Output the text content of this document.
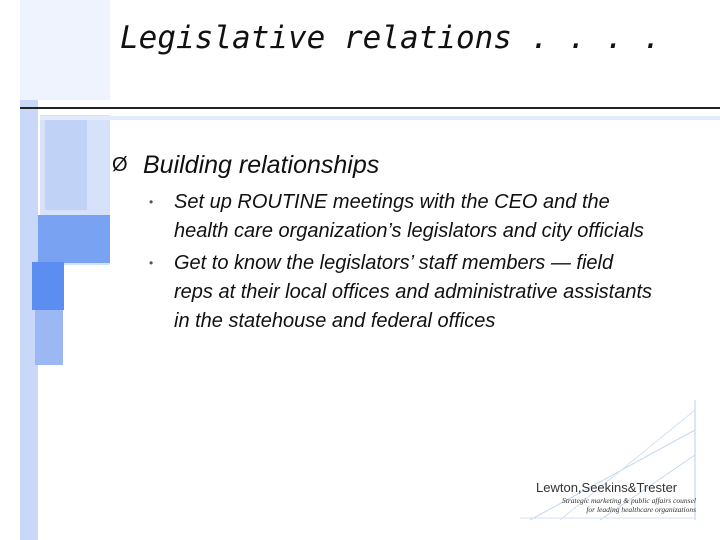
Legislative relations . . . .
Ø Building relationships
• Set up ROUTINE meetings with the CEO and the health care organization’s legislators and city officials
• Get to know the legislators’ staff members — field reps at their local offices and administrative assistants in the statehouse and federal offices
Lewton,Seekins&Trester
Strategic marketing & public affairs counsel
for leading healthcare organizations
